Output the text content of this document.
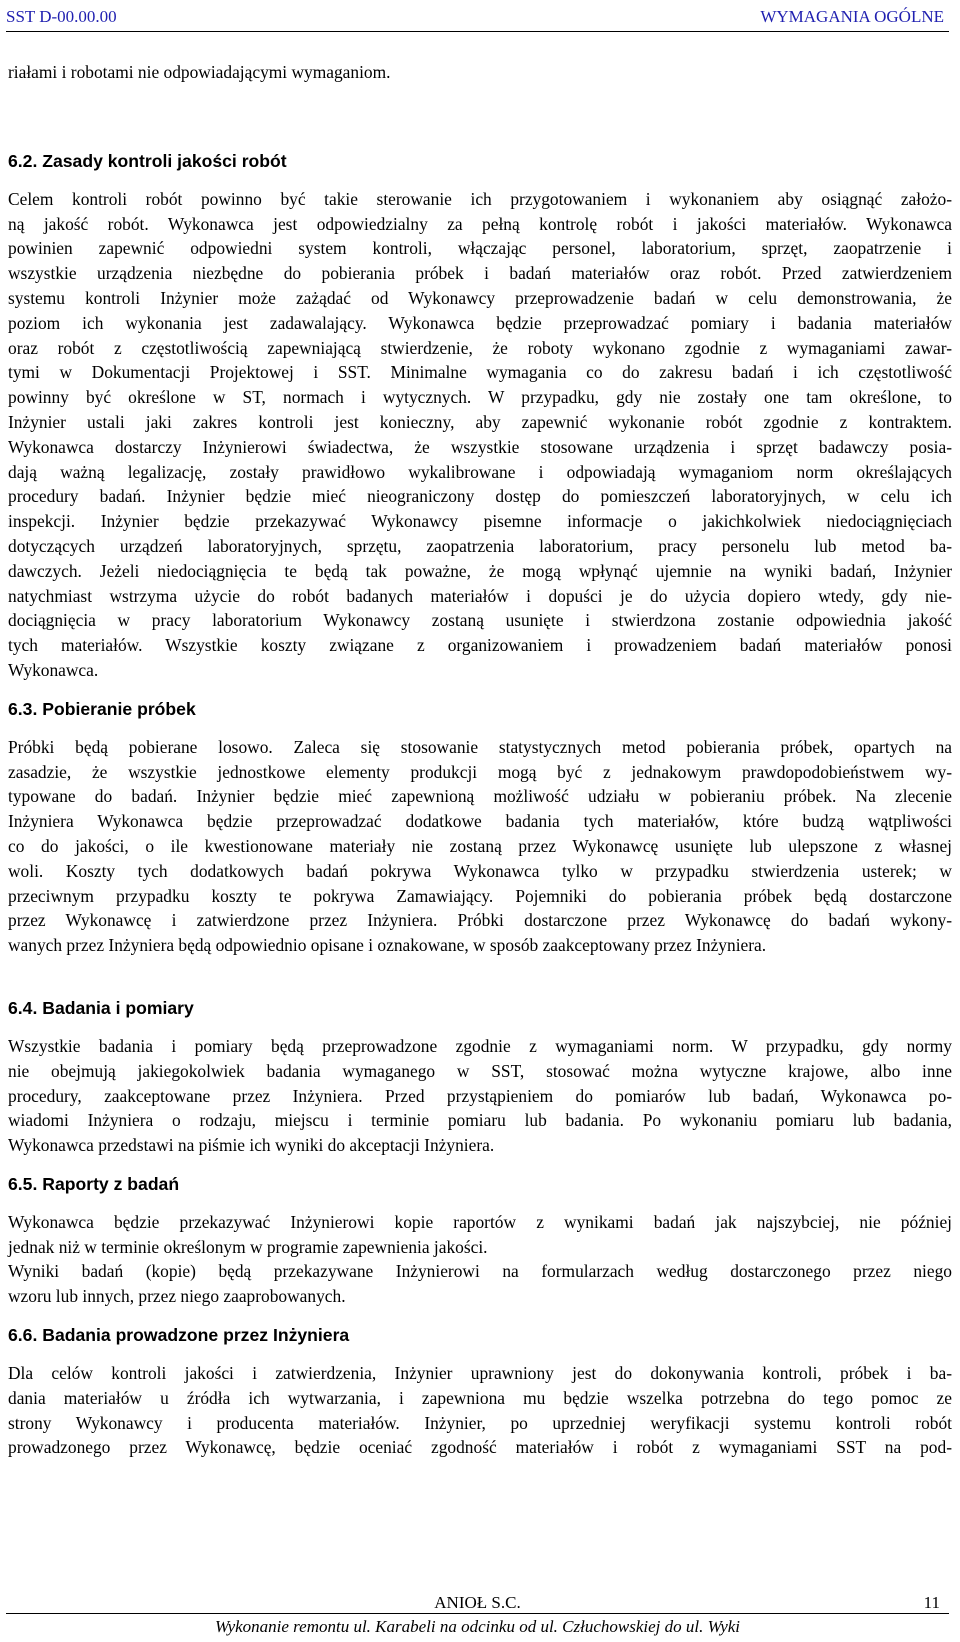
SST D-00.00.00	WYMAGANIA OGÓLNE

riałami i robotami nie odpowiadającymi wymaganiom.

6.2. Zasady kontroli jakości robót

Celem kontroli robót powinno być takie sterowanie ich przygotowaniem i wykonaniem aby osiągnąć założo-
ną jakość robót. Wykonawca jest odpowiedzialny za pełną kontrolę robót i jakości materiałów. Wykonawca
powinien zapewnić odpowiedni system kontroli, włączając personel, laboratorium, sprzęt, zaopatrzenie i
wszystkie urządzenia niezbędne do pobierania próbek i badań materiałów oraz robót. Przed zatwierdzeniem
systemu kontroli Inżynier może zażądać od Wykonawcy przeprowadzenie badań w celu demonstrowania, że
poziom ich wykonania jest zadawalający. Wykonawca będzie przeprowadzać pomiary i badania materiałów
oraz robót z częstotliwością zapewniającą stwierdzenie, że roboty wykonano zgodnie z wymaganiami zawar-
tymi w Dokumentacji Projektowej i SST. Minimalne wymagania co do zakresu badań i ich częstotliwość
powinny być określone w ST, normach i wytycznych. W przypadku, gdy nie zostały one tam określone, to
Inżynier ustali jaki zakres kontroli jest konieczny, aby zapewnić wykonanie robót zgodnie z kontraktem.
Wykonawca dostarczy Inżynierowi świadectwa, że wszystkie stosowane urządzenia i sprzęt badawczy posia-
dają ważną legalizację, zostały prawidłowo wykalibrowane i odpowiadają wymaganiom norm określających
procedury badań. Inżynier będzie mieć nieograniczony dostęp do pomieszczeń laboratoryjnych, w celu ich
inspekcji. Inżynier będzie przekazywać Wykonawcy pisemne informacje o jakichkolwiek niedociągnięciach
dotyczących urządzeń laboratoryjnych, sprzętu, zaopatrzenia laboratorium, pracy personelu lub metod ba-
dawczych. Jeżeli niedociągnięcia te będą tak poważne, że mogą wpłynąć ujemnie na wyniki badań, Inżynier
natychmiast wstrzyma użycie do robót badanych materiałów i dopuści je do użycia dopiero wtedy, gdy nie-
dociągnięcia w pracy laboratorium Wykonawcy zostaną usunięte i stwierdzona zostanie odpowiednia jakość
tych materiałów. Wszystkie koszty związane z organizowaniem i prowadzeniem badań materiałów ponosi
Wykonawca.

6.3. Pobieranie próbek

Próbki będą pobierane losowo. Zaleca się stosowanie statystycznych metod pobierania próbek, opartych na
zasadzie, że wszystkie jednostkowe elementy produkcji mogą być z jednakowym prawdopodobieństwem wy-
typowane do badań. Inżynier będzie mieć zapewnioną możliwość udziału w pobieraniu próbek. Na zlecenie
Inżyniera Wykonawca będzie przeprowadzać dodatkowe badania tych materiałów, które budzą wątpliwości
co do jakości, o ile kwestionowane materiały nie zostaną przez Wykonawcę usunięte lub ulepszone z własnej
woli. Koszty tych dodatkowych badań pokrywa Wykonawca tylko w przypadku stwierdzenia usterek; w
przeciwnym przypadku koszty te pokrywa Zamawiający. Pojemniki do pobierania próbek będą dostarczone
przez Wykonawcę i zatwierdzone przez Inżyniera. Próbki dostarczone przez Wykonawcę do badań wykony-
wanych przez Inżyniera będą odpowiednio opisane i oznakowane, w sposób zaakceptowany przez Inżyniera.

6.4. Badania i pomiary

Wszystkie badania i pomiary będą przeprowadzone zgodnie z wymaganiami norm. W przypadku, gdy normy
nie obejmują jakiegokolwiek badania wymaganego w SST, stosować można wytyczne krajowe, albo inne
procedury, zaakceptowane przez Inżyniera. Przed przystąpieniem do pomiarów lub badań, Wykonawca po-
wiadomi Inżyniera o rodzaju, miejscu i terminie pomiaru lub badania. Po wykonaniu pomiaru lub badania,
Wykonawca przedstawi na piśmie ich wyniki do akceptacji Inżyniera.

6.5. Raporty z badań

Wykonawca będzie przekazywać Inżynierowi kopie raportów z wynikami badań jak najszybciej, nie później
jednak niż w terminie określonym w programie zapewnienia jakości.

Wyniki badań (kopie) będą przekazywane Inżynierowi na formularzach według dostarczonego przez niego
wzoru lub innych, przez niego zaaprobowanych.

6.6. Badania prowadzone przez Inżyniera

Dla celów kontroli jakości i zatwierdzenia, Inżynier uprawniony jest do dokonywania kontroli, próbek i ba-
dania materiałów u źródła ich wytwarzania, i zapewniona mu będzie wszelka potrzebna do tego pomoc ze
strony Wykonawcy i producenta materiałów. Inżynier, po uprzedniej weryfikacji systemu kontroli robót
prowadzonego przez Wykonawcę, będzie oceniać zgodność materiałów i robót z wymaganiami SST na pod-

ANIOŁ S.C.	11
Wykonanie remontu ul. Karabeli na odcinku od ul. Człuchowskiej do ul. Wyki
